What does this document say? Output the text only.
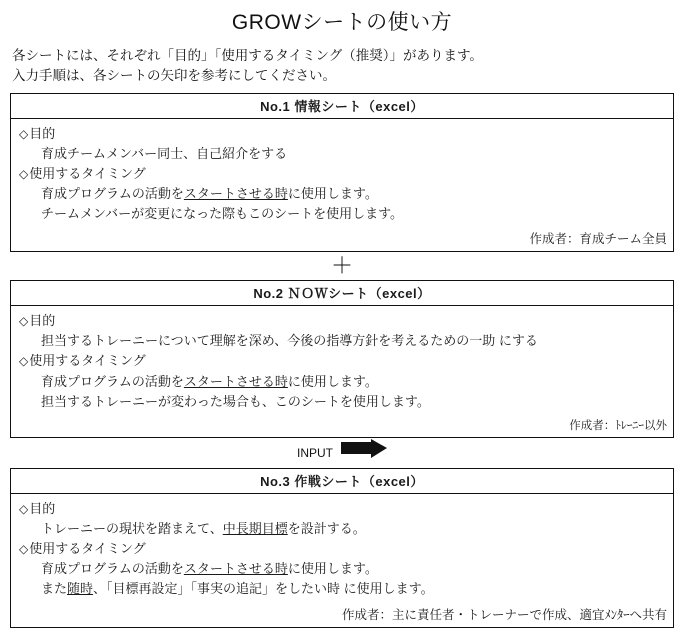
GROWシートの使い方
各シートには、それぞれ「目的」「使用するタイミング（推奨）」があります。
入力手順は、各シートの矢印を参考にしてください。
No.1 情報シート（excel）
◇目的
育成チームメンバー同士、自己紹介をする
◇使用するタイミング
育成プログラムの活動をスタートさせる時に使用します。
チームメンバーが変更になった際もこのシートを使用します。
作成者：育成チーム全員
＋
No.2 ＮＯＷシート（excel）
◇目的
担当するトレーニーについて理解を深め、今後の指導方針を考えるための一助 にする
◇使用するタイミング
育成プログラムの活動をスタートさせる時に使用します。
担当するトレーニーが変わった場合も、このシートを使用します。
作成者：ﾄﾚｰﾆｰ以外
INPUT
No.3 作戦シート（excel）
◇目的
トレーニーの現状を踏まえて、中長期目標を設計する。
◇使用するタイミング
育成プログラムの活動をスタートさせる時に使用します。
また随時、「目標再設定」「事実の追記」をしたい時 に使用します。
作成者：主に責任者・トレーナーで作成、適宜ﾒﾝﾀｰへ共有
